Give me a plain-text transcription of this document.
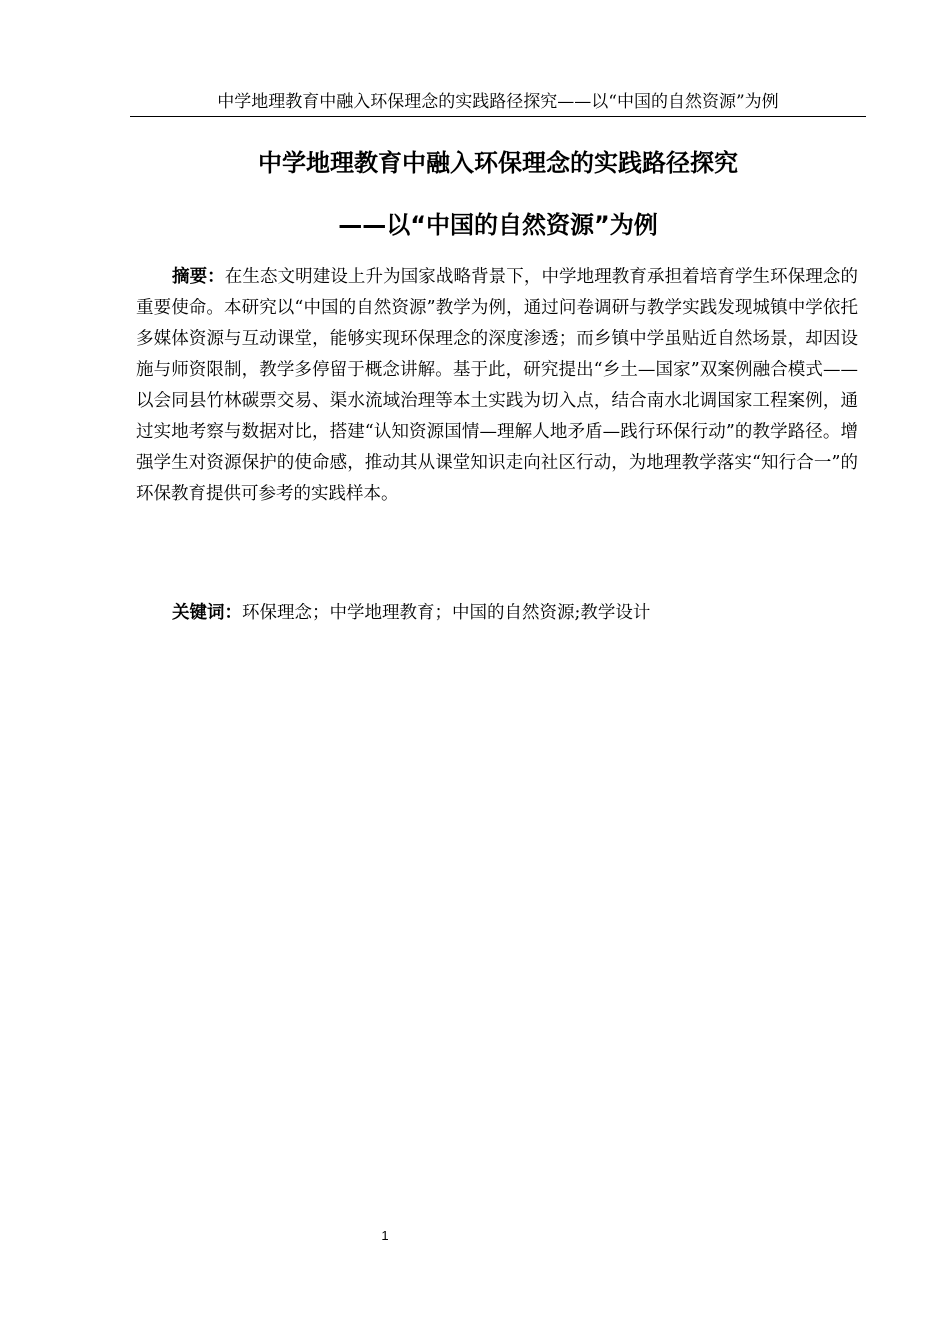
中学地理教育中融入环保理念的实践路径探究——以“中国的自然资源”为例
中学地理教育中融入环保理念的实践路径探究
——以“中国的自然资源”为例

摘要：在生态文明建设上升为国家战略背景下，中学地理教育承担着培育学生环保理念的重要使命。本研究以“中国的自然资源”教学为例，通过问卷调研与教学实践发现城镇中学依托多媒体资源与互动课堂，能够实现环保理念的深度渗透；而乡镇中学虽贴近自然场景，却因设施与师资限制，教学多停留于概念讲解。基于此，研究提出“乡土—国家”双案例融合模式——以会同县竹林碳票交易、渠水流域治理等本土实践为切入点，结合南水北调国家工程案例，通过实地考察与数据对比，搭建“认知资源国情—理解人地矛盾—践行环保行动”的教学路径。增强学生对资源保护的使命感，推动其从课堂知识走向社区行动，为地理教学落实“知行合一”的环保教育提供可参考的实践样本。

关键词：环保理念；中学地理教育；中国的自然资源;教学设计

1
